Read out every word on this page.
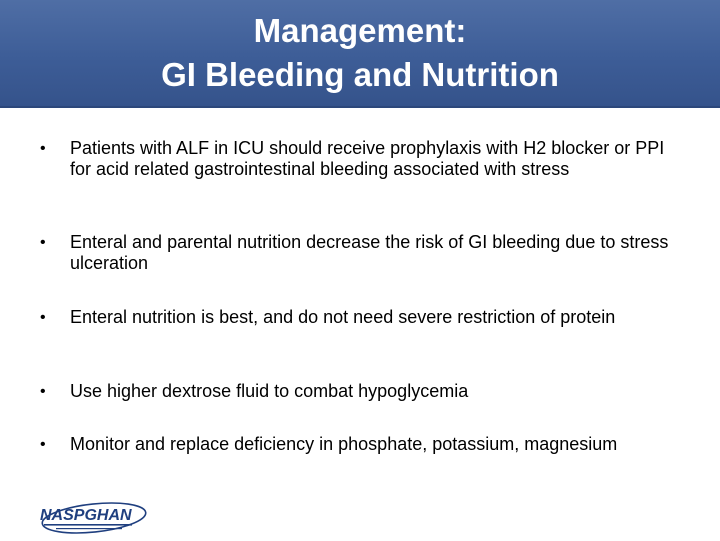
Management:
GI Bleeding and Nutrition
• Patients with ALF in ICU should receive prophylaxis with H2 blocker or PPI for acid related gastrointestinal bleeding associated with stress
• Enteral and parental nutrition decrease the risk of GI bleeding due to stress ulceration
• Enteral nutrition is best, and do not need severe restriction of protein
• Use higher dextrose fluid to combat hypoglycemia
• Monitor and replace deficiency in phosphate, potassium, magnesium
NASPGHAN
